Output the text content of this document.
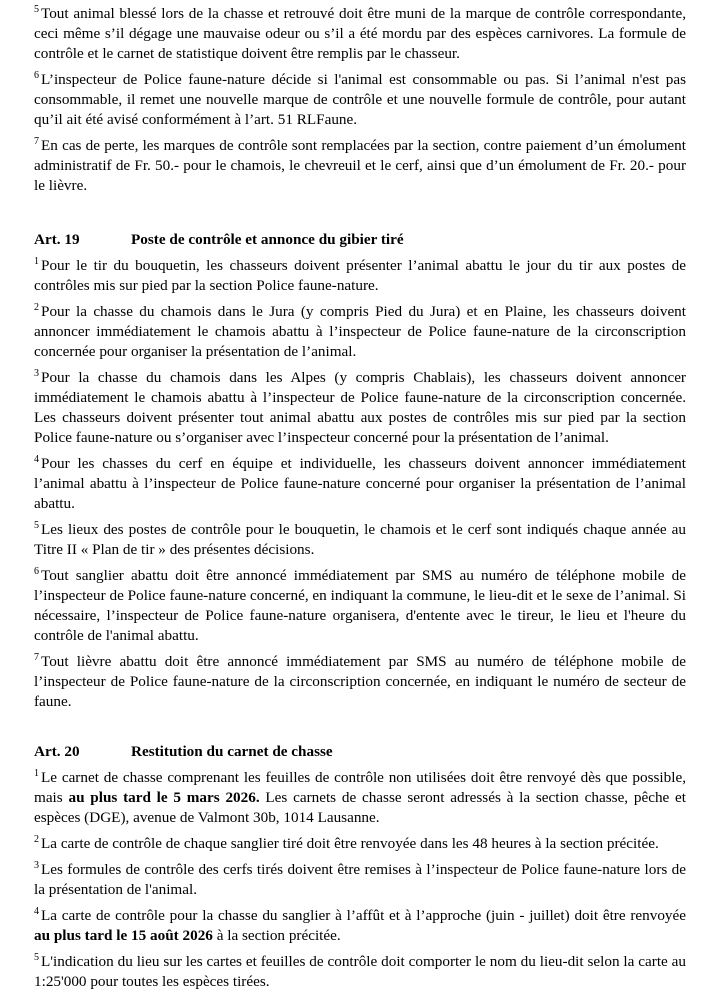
$^5$ Tout animal blessé lors de la chasse et retrouvé doit être muni de la marque de contrôle correspondante, ceci même s’il dégage une mauvaise odeur ou s’il a été mordu par des espèces carnivores. La formule de contrôle et le carnet de statistique doivent être remplis par le chasseur.

$^6$ L’inspecteur de Police faune-nature décide si l'animal est consommable ou pas. Si l’animal n'est pas consommable, il remet une nouvelle marque de contrôle et une nouvelle formule de contrôle, pour autant qu’il ait été avisé conformément à l’art. 51 RLFaune.

$^7$ En cas de perte, les marques de contrôle sont remplacées par la section, contre paiement d’un émolument administratif de Fr. 50.- pour le chamois, le chevreuil et le cerf, ainsi que d’un émolument de Fr. 20.- pour le lièvre.

Art. 19	Poste de contrôle et annonce du gibier tiré

$^1$ Pour le tir du bouquetin, les chasseurs doivent présenter l’animal abattu le jour du tir aux postes de contrôles mis sur pied par la section Police faune-nature.

$^2$ Pour la chasse du chamois dans le Jura (y compris Pied du Jura) et en Plaine, les chasseurs doivent annoncer immédiatement le chamois abattu à l’inspecteur de Police faune-nature de la circonscription concernée pour organiser la présentation de l’animal.

$^3$ Pour la chasse du chamois dans les Alpes (y compris Chablais), les chasseurs doivent annoncer immédiatement le chamois abattu à l’inspecteur de Police faune-nature de la circonscription concernée. Les chasseurs doivent présenter tout animal abattu aux postes de contrôles mis sur pied par la section Police faune-nature ou s’organiser avec l’inspecteur concerné pour la présentation de l’animal.

$^4$ Pour les chasses du cerf en équipe et individuelle, les chasseurs doivent annoncer immédiatement l’animal abattu à l’inspecteur de Police faune-nature concerné pour organiser la présentation de l’animal abattu.

$^5$ Les lieux des postes de contrôle pour le bouquetin, le chamois et le cerf sont indiqués chaque année au Titre II « Plan de tir » des présentes décisions.

$^6$ Tout sanglier abattu doit être annoncé immédiatement par SMS au numéro de téléphone mobile de l’inspecteur de Police faune-nature concerné, en indiquant la commune, le lieu-dit et le sexe de l’animal. Si nécessaire, l’inspecteur de Police faune-nature organisera, d'entente avec le tireur, le lieu et l'heure du contrôle de l'animal abattu.

$^7$ Tout lièvre abattu doit être annoncé immédiatement par SMS au numéro de téléphone mobile de l’inspecteur de Police faune-nature de la circonscription concernée, en indiquant le numéro de secteur de faune.

Art. 20	Restitution du carnet de chasse

$^1$ Le carnet de chasse comprenant les feuilles de contrôle non utilisées doit être renvoyé dès que possible, mais au plus tard le 5 mars 2026. Les carnets de chasse seront adressés à la section chasse, pêche et espèces (DGE), avenue de Valmont 30b, 1014 Lausanne.

$^2$ La carte de contrôle de chaque sanglier tiré doit être renvoyée dans les 48 heures à la section précitée.

$^3$ Les formules de contrôle des cerfs tirés doivent être remises à l’inspecteur de Police faune-nature lors de la présentation de l'animal.

$^4$ La carte de contrôle pour la chasse du sanglier à l’affût et à l’approche (juin - juillet) doit être renvoyée au plus tard le 15 août 2026 à la section précitée.

$^5$ L'indication du lieu sur les cartes et feuilles de contrôle doit comporter le nom du lieu-dit selon la carte au 1:25'000 pour toutes les espèces tirées.
